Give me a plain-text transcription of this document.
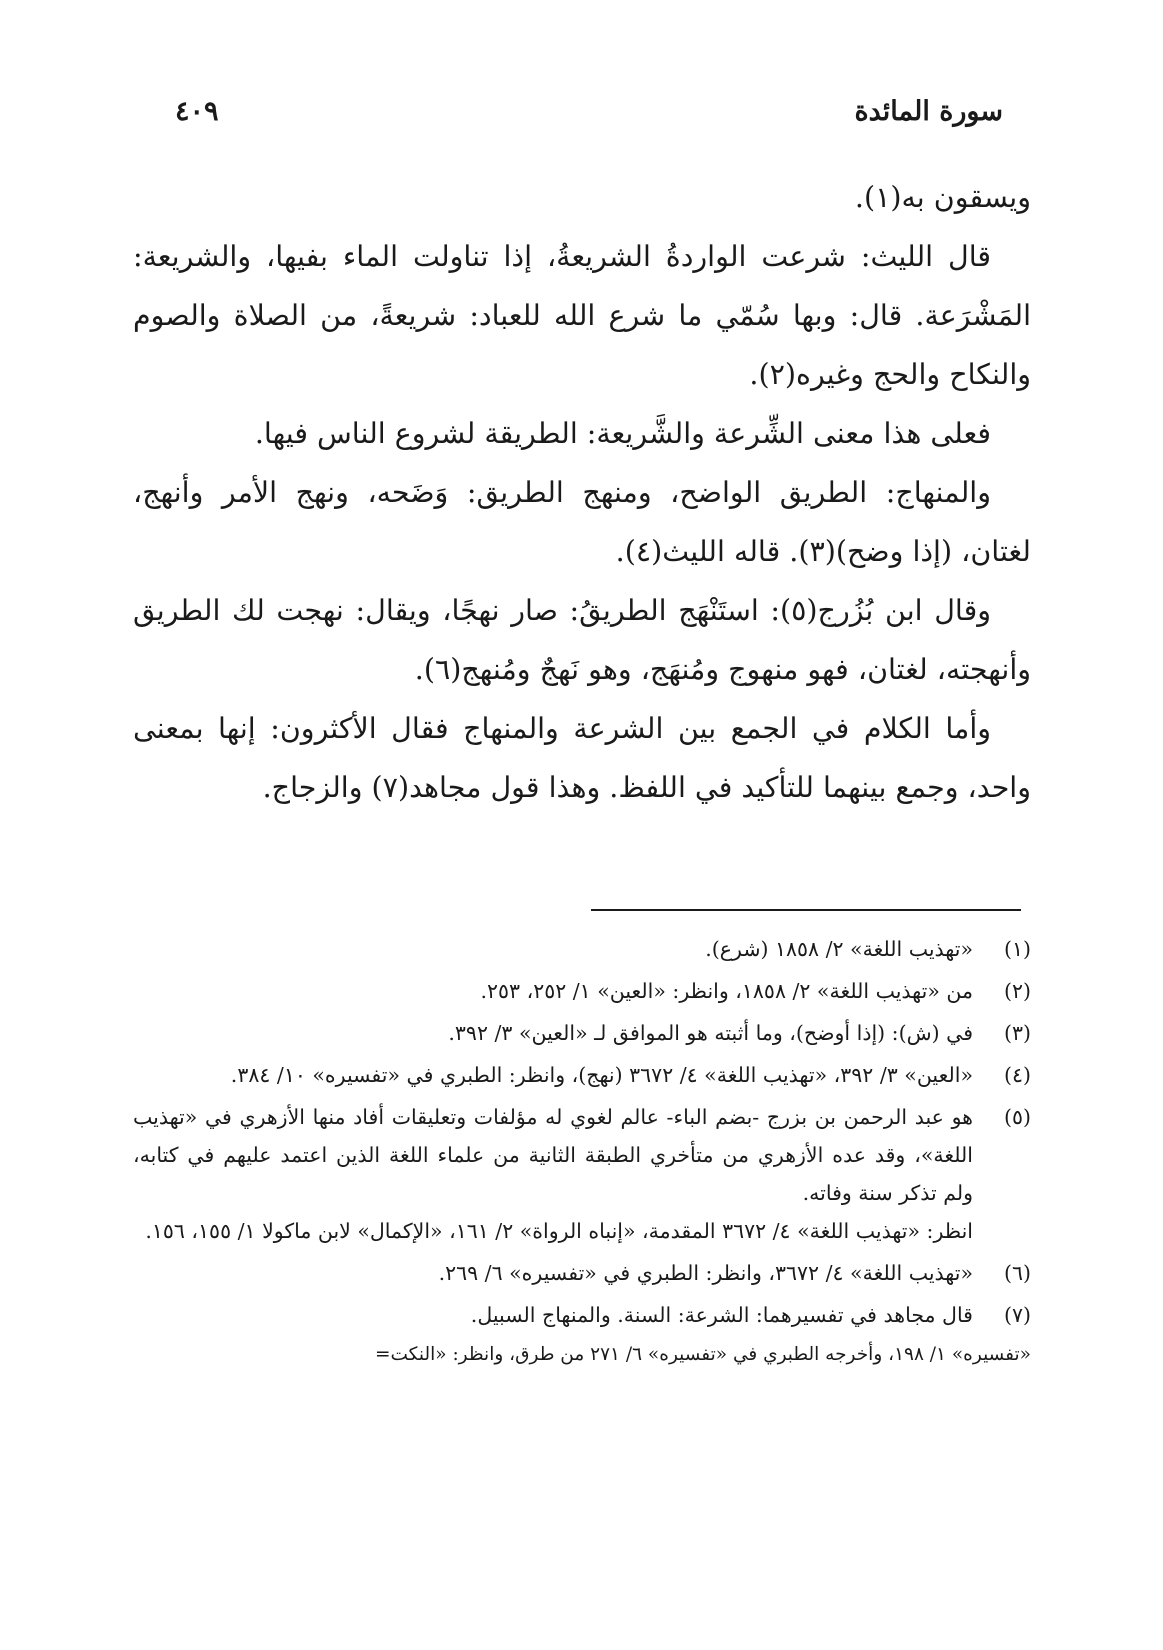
سورة المائدة
٤٠٩

ويسقون به(١).

قال الليث: شرعت الواردةُ الشريعةُ، إذا تناولت الماء بفيها، والشريعة: المَشْرَعة. قال: وبها سُمّي ما شرع الله للعباد: شريعةً، من الصلاة والصوم والنكاح والحج وغيره(٢).

فعلى هذا معنى الشِّرعة والشَّريعة: الطريقة لشروع الناس فيها.

والمنهاج: الطريق الواضح، ومنهج الطريق: وَضَحه، ونهج الأمر وأنهج، لغتان، (إذا وضح)(٣). قاله الليث(٤).

وقال ابن بُزُرج(٥): استَنْهَج الطريقُ: صار نهجًا، ويقال: نهجت لك الطريق وأنهجته، لغتان، فهو منهوج ومُنهَج، وهو نَهجٌ ومُنهج(٦).

وأما الكلام في الجمع بين الشرعة والمنهاج فقال الأكثرون: إنها بمعنى واحد، وجمع بينهما للتأكيد في اللفظ. وهذا قول مجاهد(٧) والزجاج.

(١)
«تهذيب اللغة» ٢/ ١٨٥٨ (شرع).
(٢)
من «تهذيب اللغة» ٢/ ١٨٥٨، وانظر: «العين» ١/ ٢٥٢، ٢٥٣.
(٣)
في (ش): (إذا أوضح)، وما أثبته هو الموافق لـ «العين» ٣/ ٣٩٢.
(٤)
«العين» ٣/ ٣٩٢، «تهذيب اللغة» ٤/ ٣٦٧٢ (نهج)، وانظر: الطبري في «تفسيره» ١٠/ ٣٨٤.
(٥)
هو عبد الرحمن بن بزرج -بضم الباء- عالم لغوي له مؤلفات وتعليقات أفاد منها الأزهري في «تهذيب اللغة»، وقد عده الأزهري من متأخري الطبقة الثانية من علماء اللغة الذين اعتمد عليهم في كتابه، ولم تذكر سنة وفاته.
انظر: «تهذيب اللغة» ٤/ ٣٦٧٢ المقدمة، «إنباه الرواة» ٢/ ١٦١، «الإكمال» لابن ماكولا ١/ ١٥٥، ١٥٦.
(٦)
«تهذيب اللغة» ٤/ ٣٦٧٢، وانظر: الطبري في «تفسيره» ٦/ ٢٦٩.
(٧)
قال مجاهد في تفسيرهما: الشرعة: السنة. والمنهاج السبيل.
«تفسيره» ١/ ١٩٨، وأخرجه الطبري في «تفسيره» ٦/ ٢٧١ من طرق، وانظر: «النكت=
